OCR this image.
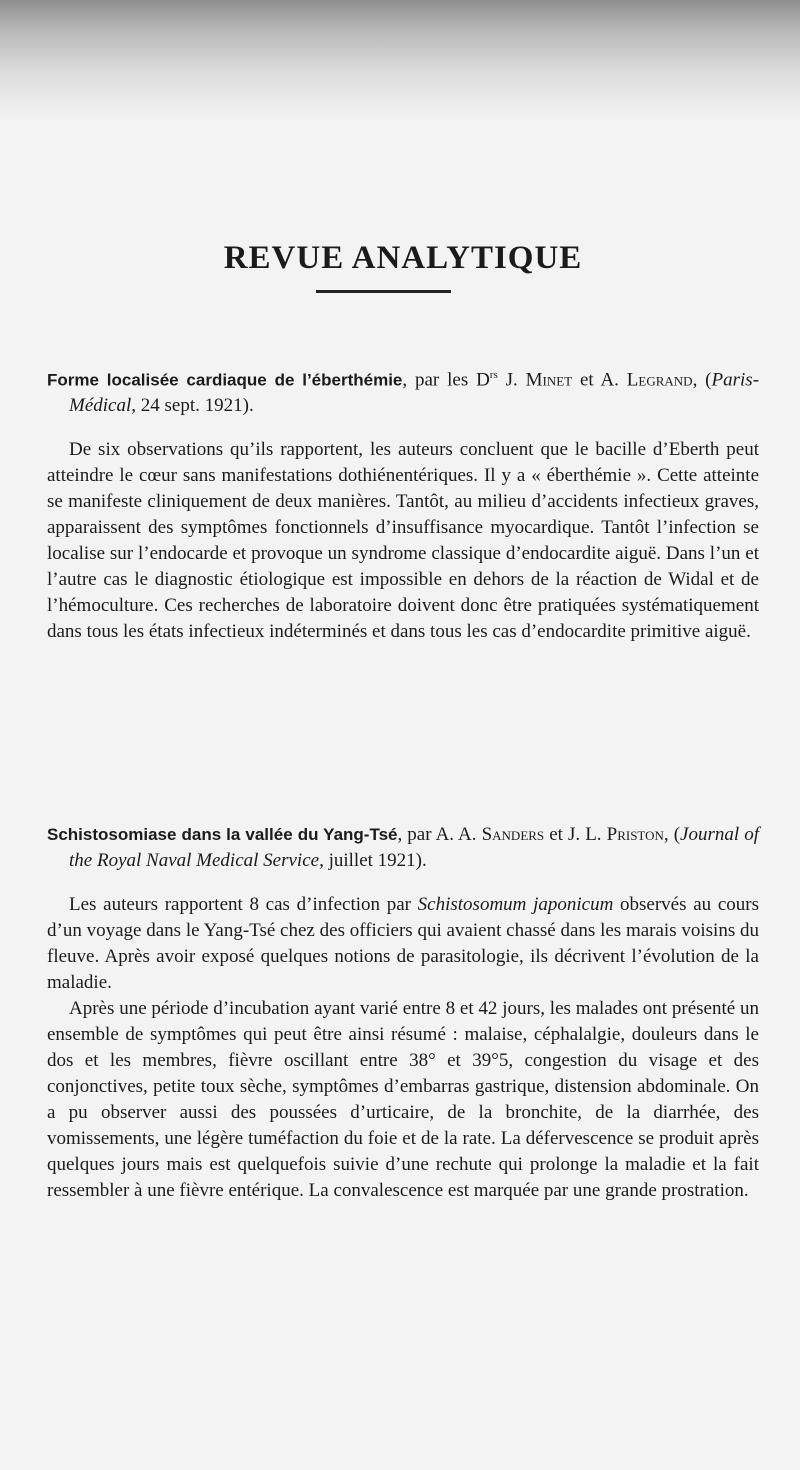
REVUE ANALYTIQUE

Forme localisée cardiaque de l’éberthémie, par les $D^{rs}$ J. Minet et A. Legrand, (Paris-Médical, 24 sept. 1921).

De six observations qu’ils rapportent, les auteurs concluent que le bacille d’Eberth peut atteindre le cœur sans manifestations dothiénentériques. Il y a « éberthémie ». Cette atteinte se manifeste cliniquement de deux manières. Tantôt, au milieu d’accidents infectieux graves, apparaissent des symptômes fonctionnels d’insuffisance myocardique. Tantôt l’infection se localise sur l’endocarde et provoque un syndrome classique d’endocardite aiguë. Dans l’un et l’autre cas le diagnostic étiologique est impossible en dehors de la réaction de Widal et de l’hémoculture. Ces recherches de laboratoire doivent donc être pratiquées systématiquement dans tous les états infectieux indéterminés et dans tous les cas d’endocardite primitive aiguë.

Schistosomiase dans la vallée du Yang-Tsé, par A. A. Sanders et J. L. Priston, (Journal of the Royal Naval Medical Service, juillet 1921).

Les auteurs rapportent 8 cas d’infection par Schistosomum japonicum observés au cours d’un voyage dans le Yang-Tsé chez des officiers qui avaient chassé dans les marais voisins du fleuve. Après avoir exposé quelques notions de parasitologie, ils décrivent l’évolution de la maladie.

Après une période d’incubation ayant varié entre 8 et 42 jours, les malades ont présenté un ensemble de symptômes qui peut être ainsi résumé : malaise, céphalalgie, douleurs dans le dos et les membres, fièvre oscillant entre 38° et 39°5, congestion du visage et des conjonctives, petite toux sèche, symptômes d’embarras gastrique, distension abdominale. On a pu observer aussi des poussées d’urticaire, de la bronchite, de la diarrhée, des vomissements, une légère tuméfaction du foie et de la rate. La défervescence se produit après quelques jours mais est quelquefois suivie d’une rechute qui prolonge la maladie et la fait ressembler à une fièvre entérique. La convalescence est marquée par une grande prostration.
